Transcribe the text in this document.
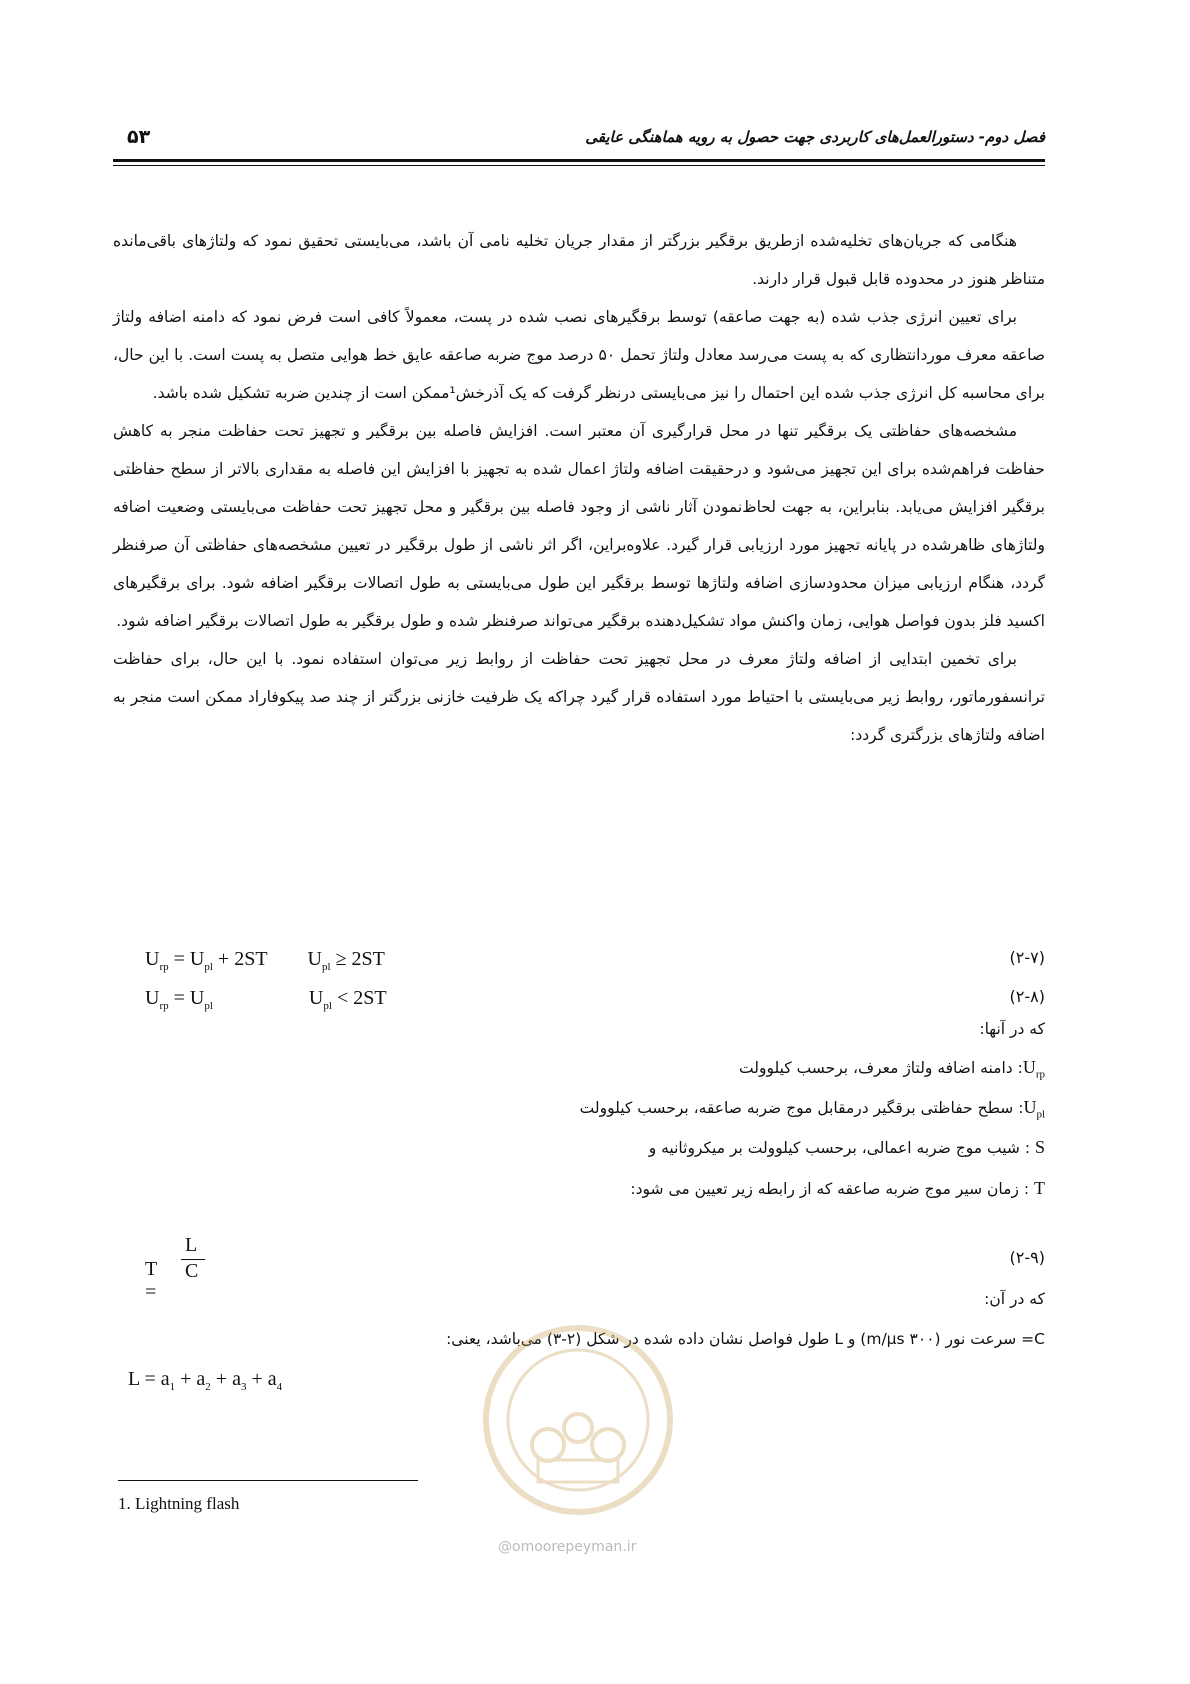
فصل دوم- دستورالعمل‌های کاربردی جهت حصول به رویه هماهنگی عایقی
۵۳

هنگامی که جریان‌های تخلیه‌شده ازطریق برقگیر بزرگتر از مقدار جریان تخلیه نامی آن باشد، می‌بایستی تحقیق نمود که ولتاژهای باقی‌مانده متناظر هنوز در محدوده قابل قبول قرار دارند.

برای تعیین انرژی جذب شده (به جهت صاعقه) توسط برقگیرهای نصب شده در پست، معمولاً کافی است فرض نمود که دامنه اضافه ولتاژ صاعقه معرف موردانتظاری که به پست می‌رسد معادل ولتاژ تحمل ۵۰ درصد موج ضربه صاعقه عایق خط هوایی متصل به پست است. با این حال، برای محاسبه کل انرژی جذب شده این احتمال را نیز می‌بایستی درنظر گرفت که یک آذرخش¹ممکن است از چندین ضربه تشکیل شده باشد.

مشخصه‌های حفاظتی یک برقگیر تنها در محل قرارگیری آن معتبر است. افزایش فاصله بین برقگیر و تجهیز تحت حفاظت منجر به کاهش حفاظت فراهم‌شده برای این تجهیز می‌شود و درحقیقت اضافه ولتاژ اعمال شده به تجهیز با افزایش این فاصله به مقداری بالاتر از سطح حفاظتی برقگیر افزایش می‌یابد. بنابراین، به جهت لحاظ‌نمودن آثار ناشی از وجود فاصله بین برقگیر و محل تجهیز تحت حفاظت می‌بایستی وضعیت اضافه ولتاژهای ظاهرشده در پایانه تجهیز مورد ارزیابی قرار گیرد. علاوه‌براین، اگر اثر ناشی از طول برقگیر در تعیین مشخصه‌های حفاظتی آن صرفنظر گردد، هنگام ارزیابی میزان محدودسازی اضافه ولتاژها توسط برقگیر این طول می‌بایستی به طول اتصالات برقگیر اضافه شود. برای برقگیرهای اکسید فلز بدون فواصل هوایی، زمان واکنش مواد تشکیل‌دهنده برقگیر می‌تواند صرفنظر شده و طول برقگیر به طول اتصالات برقگیر اضافه شود.

برای تخمین ابتدایی از اضافه ولتاژ معرف در محل تجهیز تحت حفاظت از روابط زیر می‌توان استفاده نمود. با این حال، برای حفاظت ترانسفورماتور، روابط زیر می‌بایستی با احتیاط مورد استفاده قرار گیرد چراکه یک ظرفیت خازنی بزرگتر از چند صد پیکوفاراد ممکن است منجر به اضافه ولتاژهای بزرگتری گردد:

$U_{rp} = U_{pl} + 2ST$ $U_{pl} \ge 2ST$	(۲-۷)
$U_{rp} = U_{pl}$	$U_{pl} < 2ST$	(۲-۸)
که در آنها:
$U_{rp}$: دامنه اضافه ولتاژ معرف، برحسب کیلوولت
$U_{pl}$: سطح حفاظتی برقگیر درمقابل موج ضربه صاعقه، برحسب کیلوولت
S : شیب موج ضربه اعمالی، برحسب کیلوولت بر میکروثانیه و
T : زمان سیر موج ضربه صاعقه که از رابطه زیر تعیین می شود:
T =
L
C
(۲-۹)
که در آن:
C= سرعت نور (۳۰۰ m/µs) و L طول فواصل نشان داده شده در شکل (۲-۳) می‌باشد، یعنی:
$L = a_1 + a_2 + a_3 + a_4$
@omoorepeyman.ir
1. Lightning flash
